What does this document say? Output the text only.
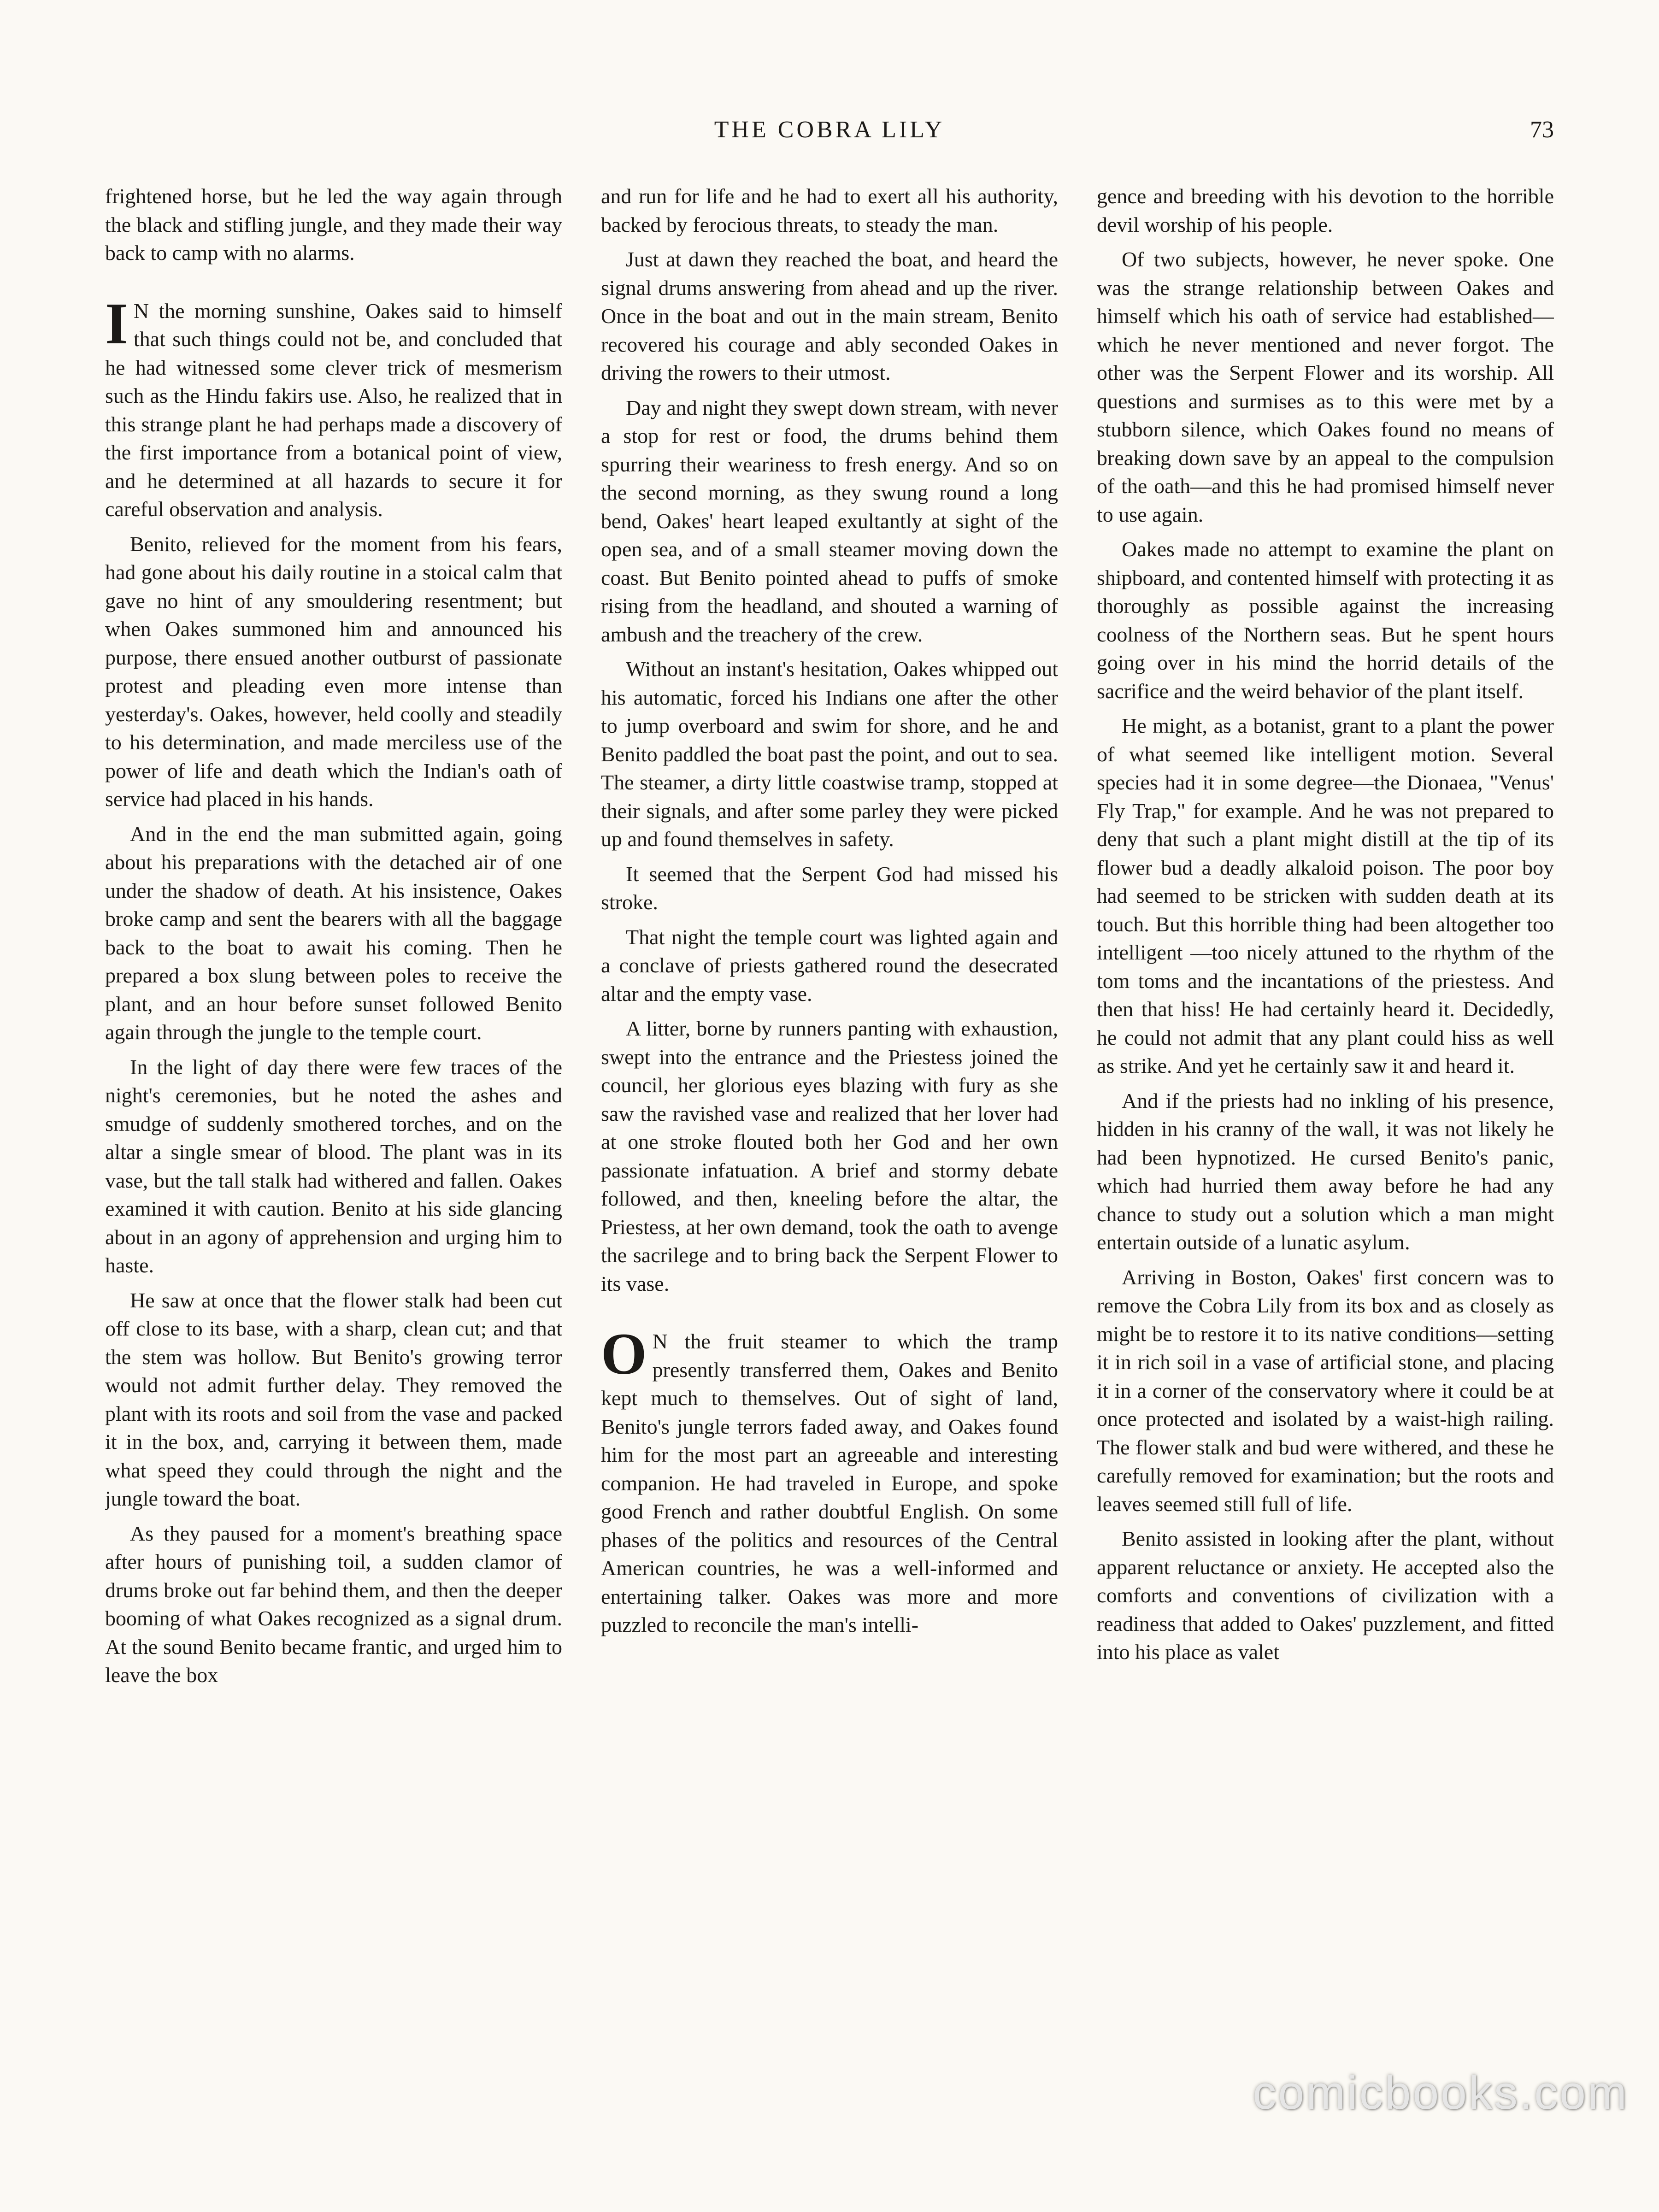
THE COBRA LILY	73

frightened horse, but he led the way again through the black and stifling jungle, and they made their way back to camp with no alarms.

I N the morning sunshine, Oakes said to himself that such things could not be, and concluded that he had witnessed some clever trick of mesmerism such as the Hindu fakirs use. Also, he realized that in this strange plant he had perhaps made a discovery of the first importance from a botanical point of view, and he determined at all hazards to secure it for careful observation and analysis.

Benito, relieved for the moment from his fears, had gone about his daily routine in a stoical calm that gave no hint of any smouldering resentment; but when Oakes summoned him and announced his purpose, there ensued another outburst of passionate protest and pleading even more intense than yesterday's. Oakes, however, held coolly and steadily to his determination, and made merciless use of the power of life and death which the Indian's oath of service had placed in his hands.

And in the end the man submitted again, going about his preparations with the detached air of one under the shadow of death. At his insistence, Oakes broke camp and sent the bearers with all the baggage back to the boat to await his coming. Then he prepared a box slung between poles to receive the plant, and an hour before sunset followed Benito again through the jungle to the temple court.

In the light of day there were few traces of the night's ceremonies, but he noted the ashes and smudge of suddenly smothered torches, and on the altar a single smear of blood. The plant was in its vase, but the tall stalk had withered and fallen. Oakes examined it with caution. Benito at his side glancing about in an agony of apprehension and urging him to haste.

He saw at once that the flower stalk had been cut off close to its base, with a sharp, clean cut; and that the stem was hollow. But Benito's growing terror would not admit further delay. They removed the plant with its roots and soil from the vase and packed it in the box, and, carrying it between them, made what speed they could through the night and the jungle toward the boat.

As they paused for a moment's breathing space after hours of punishing toil, a sudden clamor of drums broke out far behind them, and then the deeper booming of what Oakes recognized as a signal drum. At the sound Benito became frantic, and urged him to leave the box

and run for life and he had to exert all his authority, backed by ferocious threats, to steady the man.

Just at dawn they reached the boat, and heard the signal drums answering from ahead and up the river. Once in the boat and out in the main stream, Benito recovered his courage and ably seconded Oakes in driving the rowers to their utmost.

Day and night they swept down stream, with never a stop for rest or food, the drums behind them spurring their weariness to fresh energy. And so on the second morning, as they swung round a long bend, Oakes' heart leaped exultantly at sight of the open sea, and of a small steamer moving down the coast. But Benito pointed ahead to puffs of smoke rising from the headland, and shouted a warning of ambush and the treachery of the crew.

Without an instant's hesitation, Oakes whipped out his automatic, forced his Indians one after the other to jump overboard and swim for shore, and he and Benito paddled the boat past the point, and out to sea. The steamer, a dirty little coastwise tramp, stopped at their signals, and after some parley they were picked up and found themselves in safety.

It seemed that the Serpent God had missed his stroke.

That night the temple court was lighted again and a conclave of priests gathered round the desecrated altar and the empty vase.

A litter, borne by runners panting with exhaustion, swept into the entrance and the Priestess joined the council, her glorious eyes blazing with fury as she saw the ravished vase and realized that her lover had at one stroke flouted both her God and her own passionate infatuation. A brief and stormy debate followed, and then, kneeling before the altar, the Priestess, at her own demand, took the oath to avenge the sacrilege and to bring back the Serpent Flower to its vase.

O N the fruit steamer to which the tramp presently transferred them, Oakes and Benito kept much to themselves. Out of sight of land, Benito's jungle terrors faded away, and Oakes found him for the most part an agreeable and interesting companion. He had traveled in Europe, and spoke good French and rather doubtful English. On some phases of the politics and resources of the Central American countries, he was a well-informed and entertaining talker. Oakes was more and more puzzled to reconcile the man's intelli-

gence and breeding with his devotion to the horrible devil worship of his people.

Of two subjects, however, he never spoke. One was the strange relationship between Oakes and himself which his oath of service had established—which he never mentioned and never forgot. The other was the Serpent Flower and its worship. All questions and surmises as to this were met by a stubborn silence, which Oakes found no means of breaking down save by an appeal to the compulsion of the oath—and this he had promised himself never to use again.

Oakes made no attempt to examine the plant on shipboard, and contented himself with protecting it as thoroughly as possible against the increasing coolness of the Northern seas. But he spent hours going over in his mind the horrid details of the sacrifice and the weird behavior of the plant itself.

He might, as a botanist, grant to a plant the power of what seemed like intelligent motion. Several species had it in some degree—the Dionaea, "Venus' Fly Trap," for example. And he was not prepared to deny that such a plant might distill at the tip of its flower bud a deadly alkaloid poison. The poor boy had seemed to be stricken with sudden death at its touch. But this horrible thing had been altogether too intelligent —too nicely attuned to the rhythm of the tom toms and the incantations of the priestess. And then that hiss! He had certainly heard it. Decidedly, he could not admit that any plant could hiss as well as strike. And yet he certainly saw it and heard it.

And if the priests had no inkling of his presence, hidden in his cranny of the wall, it was not likely he had been hypnotized. He cursed Benito's panic, which had hurried them away before he had any chance to study out a solution which a man might entertain outside of a lunatic asylum.

Arriving in Boston, Oakes' first concern was to remove the Cobra Lily from its box and as closely as might be to restore it to its native conditions—setting it in rich soil in a vase of artificial stone, and placing it in a corner of the conservatory where it could be at once protected and isolated by a waist-high railing. The flower stalk and bud were withered, and these he carefully removed for examination; but the roots and leaves seemed still full of life.

Benito assisted in looking after the plant, without apparent reluctance or anxiety. He accepted also the comforts and conventions of civilization with a readiness that added to Oakes' puzzlement, and fitted into his place as valet

comicbooks.com
